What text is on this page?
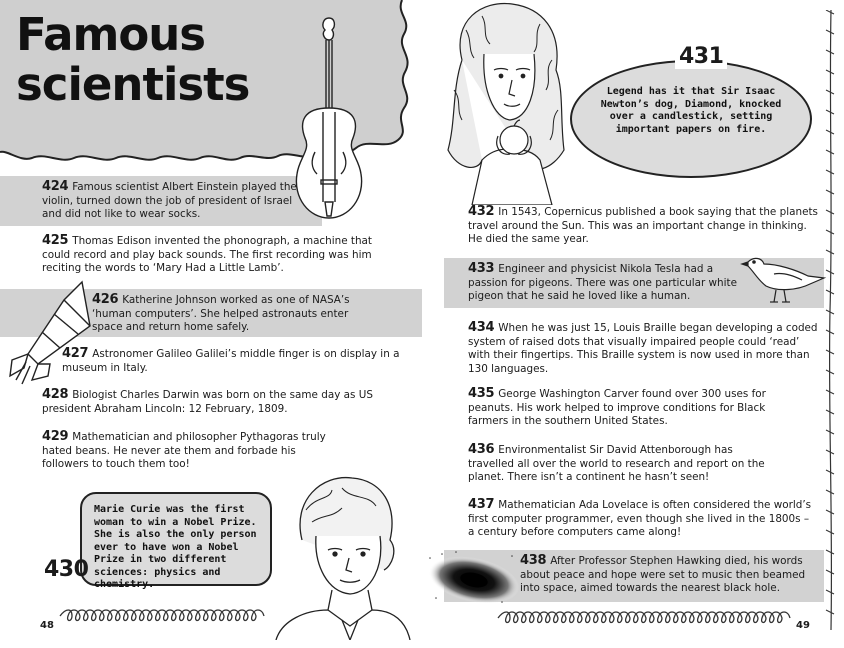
Famous
scientists
424 Famous scientist Albert Einstein played the violin, turned down the job of president of Israel and did not like to wear socks.
425 Thomas Edison invented the phonograph, a machine that could record and play back sounds. The first recording was him reciting the words to ‘Mary Had a Little Lamb’.
426 Katherine Johnson worked as one of NASA’s ‘human computers’. She helped astronauts enter space and return home safely.
427 Astronomer Galileo Galilei’s middle finger is on display in a museum in Italy.
428 Biologist Charles Darwin was born on the same day as US president Abraham Lincoln: 12 February, 1809.
429 Mathematician and philosopher Pythagoras truly hated beans. He never ate them and forbade his followers to touch them too!
Marie Curie was the first woman to win a Nobel Prize. She is also the only person ever to have won a Nobel Prize in two different sciences: physics and chemistry.
430
48
Legend has it that Sir Isaac Newton’s dog, Diamond, knocked over a candlestick, setting important papers on fire.
431
432 In 1543, Copernicus published a book saying that the planets travel around the Sun. This was an important change in thinking. He died the same year.
433 Engineer and physicist Nikola Tesla had a passion for pigeons. There was one particular white pigeon that he said he loved like a human.
434 When he was just 15, Louis Braille began developing a coded system of raised dots that visually impaired people could ‘read’ with their fingertips. This Braille system is now used in more than 130 languages.
435 George Washington Carver found over 300 uses for peanuts. His work helped to improve conditions for Black farmers in the southern United States.
436 Environmentalist Sir David Attenborough has travelled all over the world to research and report on the planet. There isn’t a continent he hasn’t seen!
437 Mathematician Ada Lovelace is often considered the world’s first computer programmer, even though she lived in the 1800s – a century before computers came along!
438 After Professor Stephen Hawking died, his words about peace and hope were set to music then beamed into space, aimed towards the nearest black hole.
49
